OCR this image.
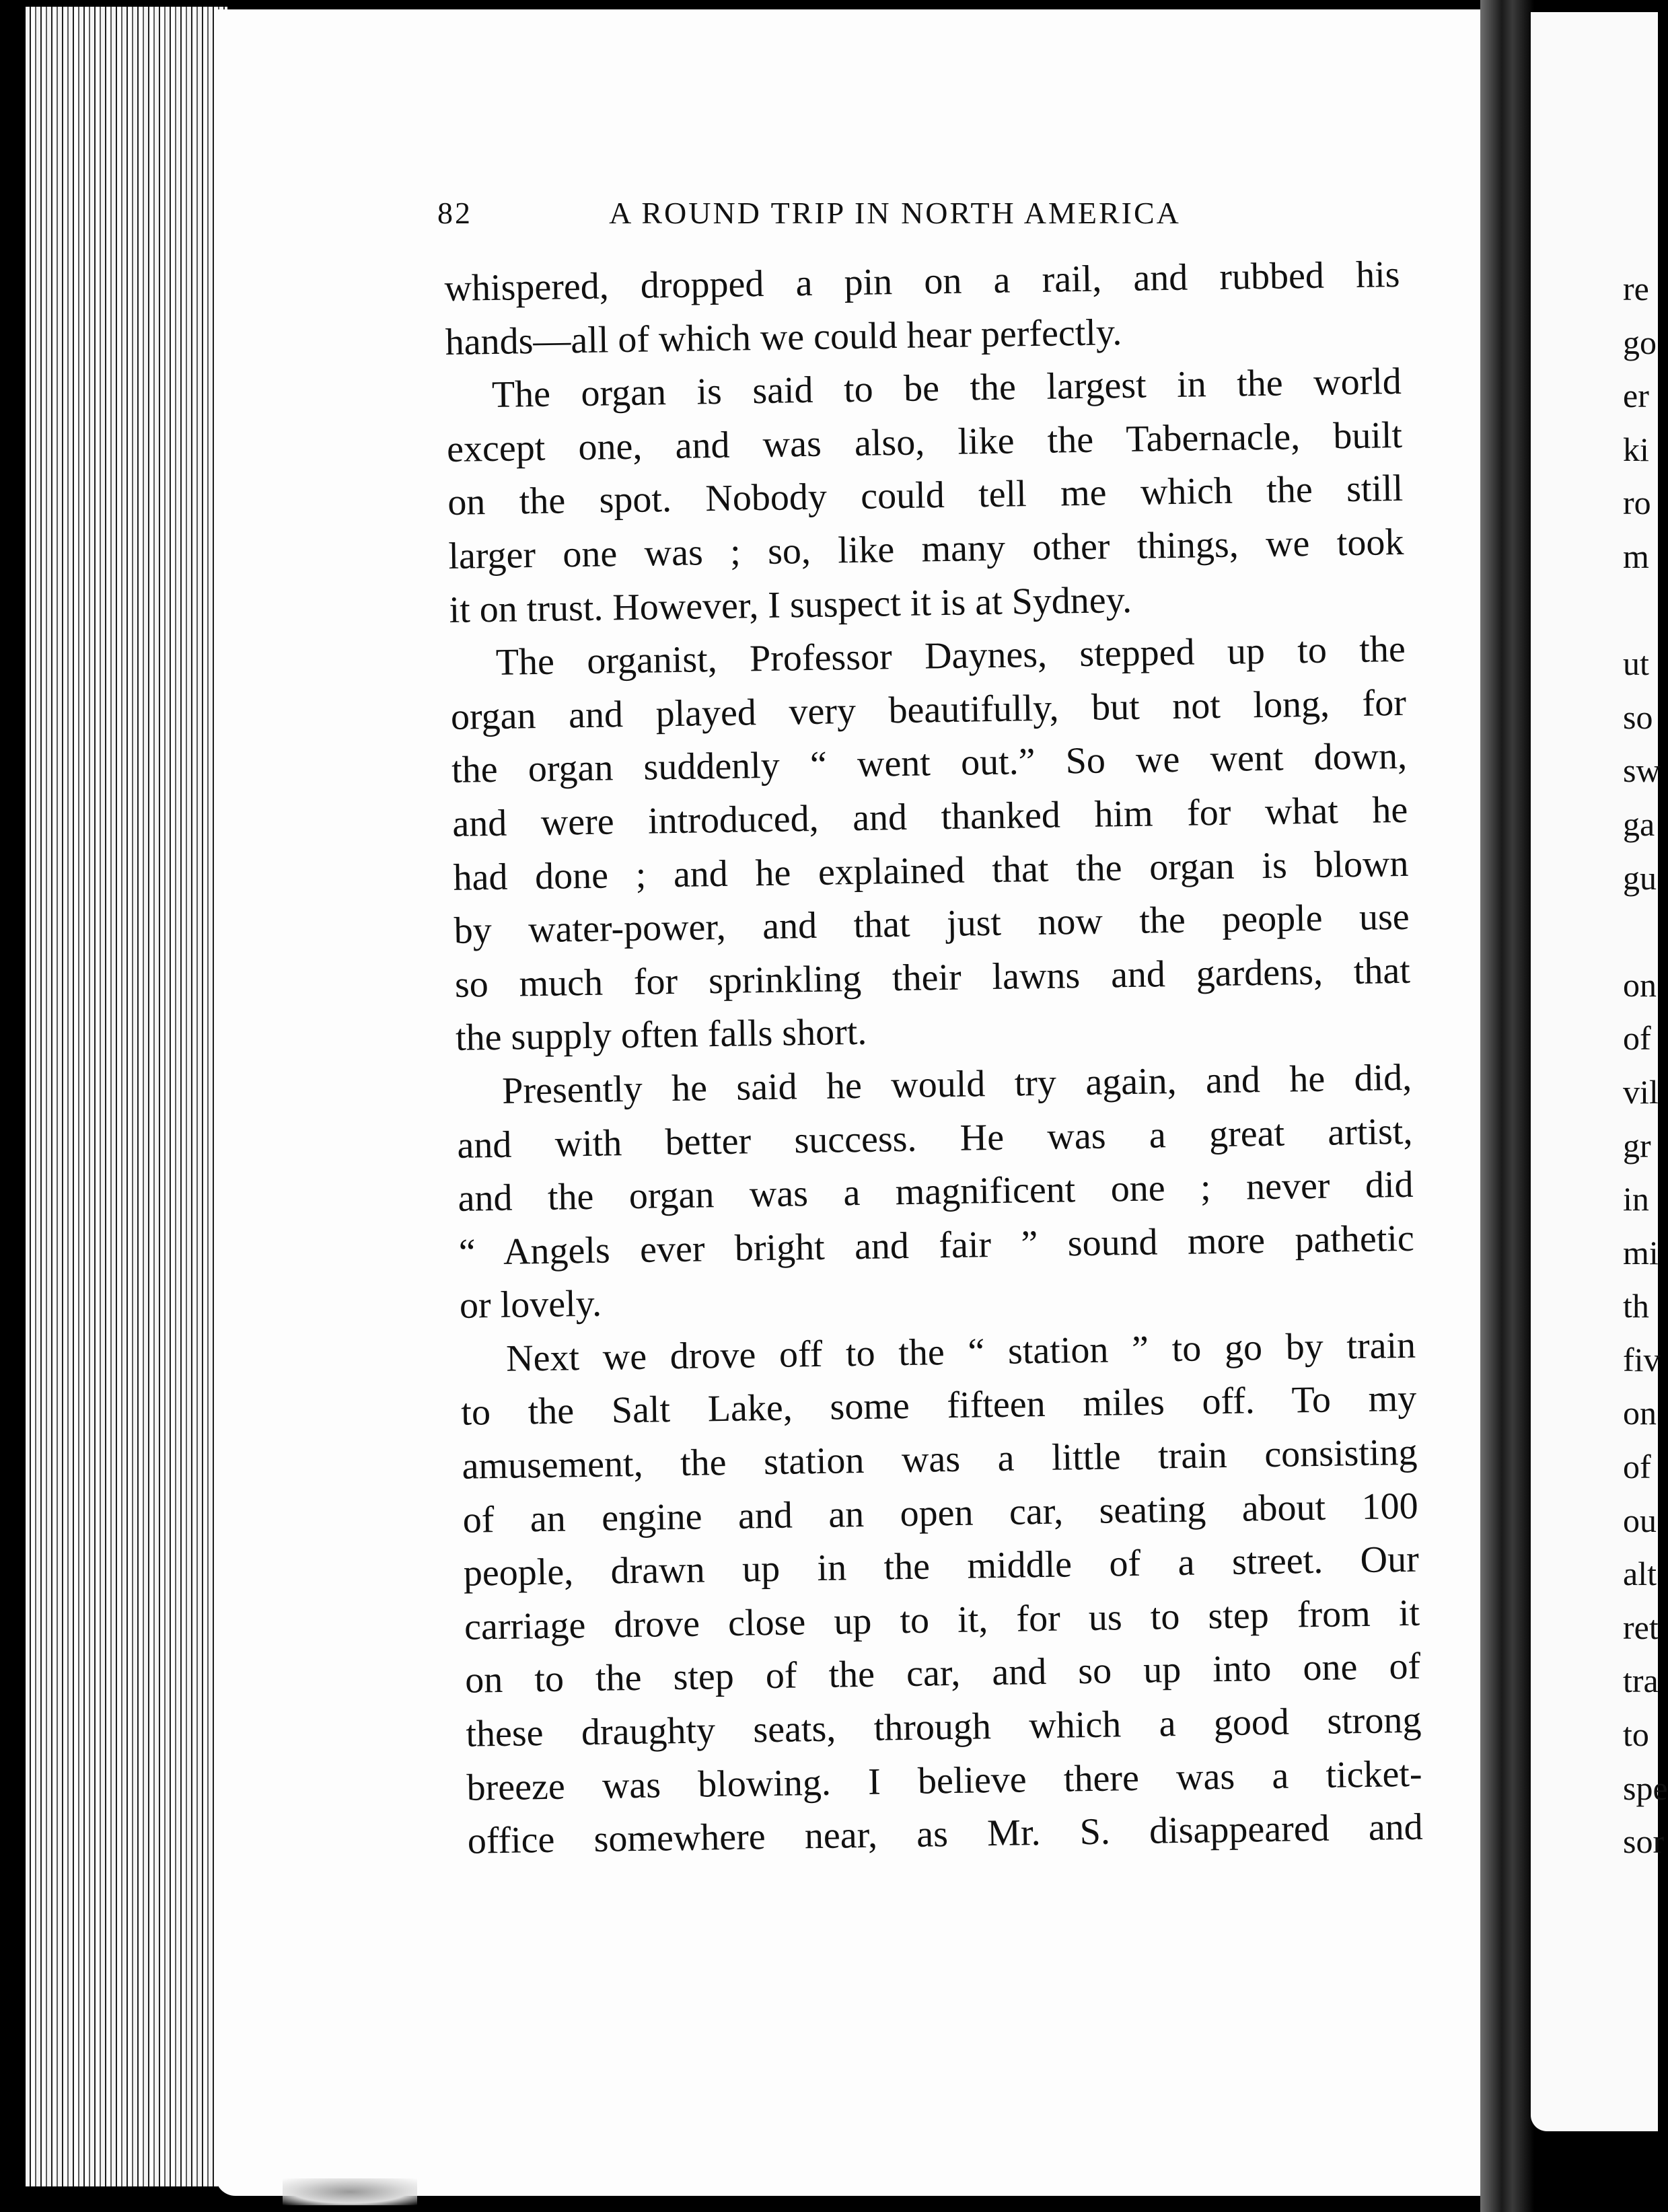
82	A ROUND TRIP IN NORTH AMERICA
whispered, dropped a pin on a rail, and rubbed his
hands—all of which we could hear perfectly.
The organ is said to be the largest in the world
except one, and was also, like the Tabernacle, built
on the spot. Nobody could tell me which the still
larger one was ; so, like many other things, we took
it on trust. However, I suspect it is at Sydney.
The organist, Professor Daynes, stepped up to the
organ and played very beautifully, but not long, for
the organ suddenly “ went out.” So we went down,
and were introduced, and thanked him for what he
had done ; and he explained that the organ is blown
by water-power, and that just now the people use
so much for sprinkling their lawns and gardens, that
the supply often falls short.
Presently he said he would try again, and he did,
and with better success. He was a great artist,
and the organ was a magnificent one ; never did
“ Angels ever bright and fair ” sound more pathetic
or lovely.
Next we drove off to the “ station ” to go by train
to the Salt Lake, some fifteen miles off. To my
amusement, the station was a little train consisting
of an engine and an open car, seating about 100
people, drawn up in the middle of a street. Our
carriage drove close up to it, for us to step from it
on to the step of the car, and so up into one of
these draughty seats, through which a good strong
breeze was blowing. I believe there was a ticket-
office somewhere near, as Mr. S. disappeared and
re
go
er
ki
ro
m
ut
so
sw
ga
gu
on
of
vil
gr
in
mi
th
fiv
on
of
ou
alt
ret
tra
to
spe
sor
